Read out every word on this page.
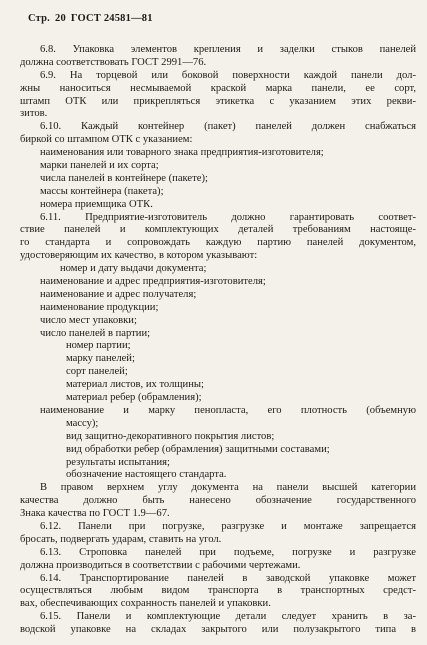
Стр. 20 ГОСТ 24581—81
6.8. Упаковка элементов крепления и заделки стыков панелей
должна соответствовать ГОСТ 2991—76.
6.9. На торцевой или боковой поверхности каждой панели дол-
жны наноситься несмываемой краской марка панели, ее сорт,
штамп ОТК или прикрепляться этикетка с указанием этих рекви-
зитов.
6.10. Каждый контейнер (пакет) панелей должен снабжаться
биркой со штампом ОТК с указанием:
наименования или товарного знака предприятия-изготовителя;
марки панелей и их сорта;
числа панелей в контейнере (пакете);
массы контейнера (пакета);
номера приемщика ОТК.
6.11. Предприятие-изготовитель должно гарантировать соответ-
ствие панелей и комплектующих деталей требованиям настояще-
го стандарта и сопровождать каждую партию панелей документом,
удостоверяющим их качество, в котором указывают:
номер и дату выдачи документа;
наименование и адрес предприятия-изготовителя;
наименование и адрес получателя;
наименование продукции;
число мест упаковки;
число панелей в партии;
номер партии;
марку панелей;
сорт панелей;
материал листов, их толщины;
материал ребер (обрамления);
наименование и марку пенопласта, его плотность (объемную
массу);
вид защитно-декоративного покрытия листов;
вид обработки ребер (обрамления) защитными составами;
результаты испытания;
обозначение настоящего стандарта.
В правом верхнем углу документа на панели высшей категории
качества должно быть нанесено обозначение государственного
Знака качества по ГОСТ 1.9—67.
6.12. Панели при погрузке, разгрузке и монтаже запрещается
бросать, подвергать ударам, ставить на угол.
6.13. Строповка панелей при подъеме, погрузке и разгрузке
должна производиться в соответствии с рабочими чертежами.
6.14. Транспортирование панелей в заводской упаковке может
осуществляться любым видом транспорта в транспортных средст-
вах, обеспечивающих сохранность панелей и упаковки.
6.15. Панели и комплектующие детали следует хранить в за-
водской упаковке на складах закрытого или полузакрытого типа в
